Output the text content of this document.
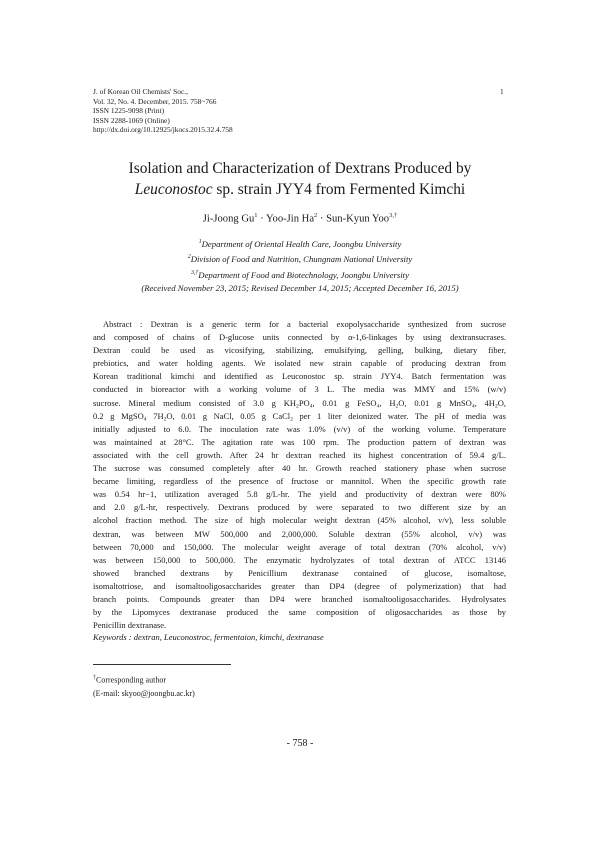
J. of Korean Oil Chemists' Soc.,
Vol. 32, No. 4. December, 2015. 758~766
ISSN 1225-9098 (Print)
ISSN 2288-1069 (Online)
http://dx.doi.org/10.12925/jkocs.2015.32.4.758
1
Isolation and Characterization of Dextrans Produced by
Leuconostoc sp. strain JYY4 from Fermented Kimchi
Ji-Joong $Gu^1 \cdot Yoo-Jin$ $Ha^2$ · Sun-Kyun Yoo$^{3,\dagger}$
$^1$Department of Oriental Health Care, Joongbu University
$^2$Division of Food and Nutrition, Chungnam National University
$^{3,\dagger}$Department of Food and Biotechnology, Joongbu University
(Received November 23, 2015; Revised December 14, 2015; Accepted December 16, 2015)
Abstract : Dextran is a generic term for a bacterial exopolysaccharide synthesized from sucrose
and composed of chains of D-glucose units connected by α-1,6-linkages by using dextransucrases.
Dextran could be used as vicosifying, stabilizing, emulsifying, gelling, bulking, dietary fiber,
prebiotics, and water holding agents. We isolated new strain capable of producing dextran from
Korean traditional kimchi and identified as Leuconostoc sp. strain JYY4. Batch fermentation was
conducted in bioreactor with a working volume of 3 L. The media was MMY and 15% (w/v)
sucrose. Mineral medium consisted of 3.0 g $KH_2PO_4$, 0.01 g FeSO$_4$, $H_2O$, 0.01 g MnSO$_4$, $4H_2O$,
0.2 g MgSO$_4$ $7H_2O$, 0.01 g NaCl, 0.05 g CaCl$_2$ per 1 liter deionized water. The pH of media was
initially adjusted to 6.0. The inoculation rate was 1.0% (v/v) of the working volume. Temperature
was maintained at 28°C. The agitation rate was 100 rpm. The production pattern of dextran was
associated with the cell growth. After 24 hr dextran reached its highest concentration of 59.4 g/L.
The sucrose was consumed completely after 40 hr. Growth reached stationery phase when sucrose
became limiting, regardless of the presence of fructose or mannitol. When the specific growth rate
was 0.54 hr−1, utilization averaged 5.8 g/L-hr. The yield and productivity of dextran were 80%
and 2.0 g/L-hr, respectively. Dextrans produced by were separated to two different size by an
alcohol fraction method. The size of high molecular weight dextran (45% alcohol, v/v), less soluble
dextran, was between MW 500,000 and 2,000,000. Soluble dextran (55% alcohol, v/v) was
between 70,000 and 150,000. The molecular weight average of total dextran (70% alcohol, v/v)
was between 150,000 to 500,000. The enzymatic hydrolyzates of total dextran of ATCC 13146
showed branched dextrans by Penicillium dextranase contained of glucose, isomaltose,
isomaltotriose, and isomaltooligosaccharides greater than DP4 (degree of polymerization) that had
branch points. Compounds greater than DP4 were branched isomaltooligosaccharides. Hydrolysates
by the Lipomyces dextranase produced the same composition of oligosaccharides as those by
Penicillin dextranase.
Keywords : dextran, Leuconostroc, fermentaion, kimchi, dextranase
†Corresponding author
(E-mail: skyoo@joongbu.ac.kr)
- 758 -
